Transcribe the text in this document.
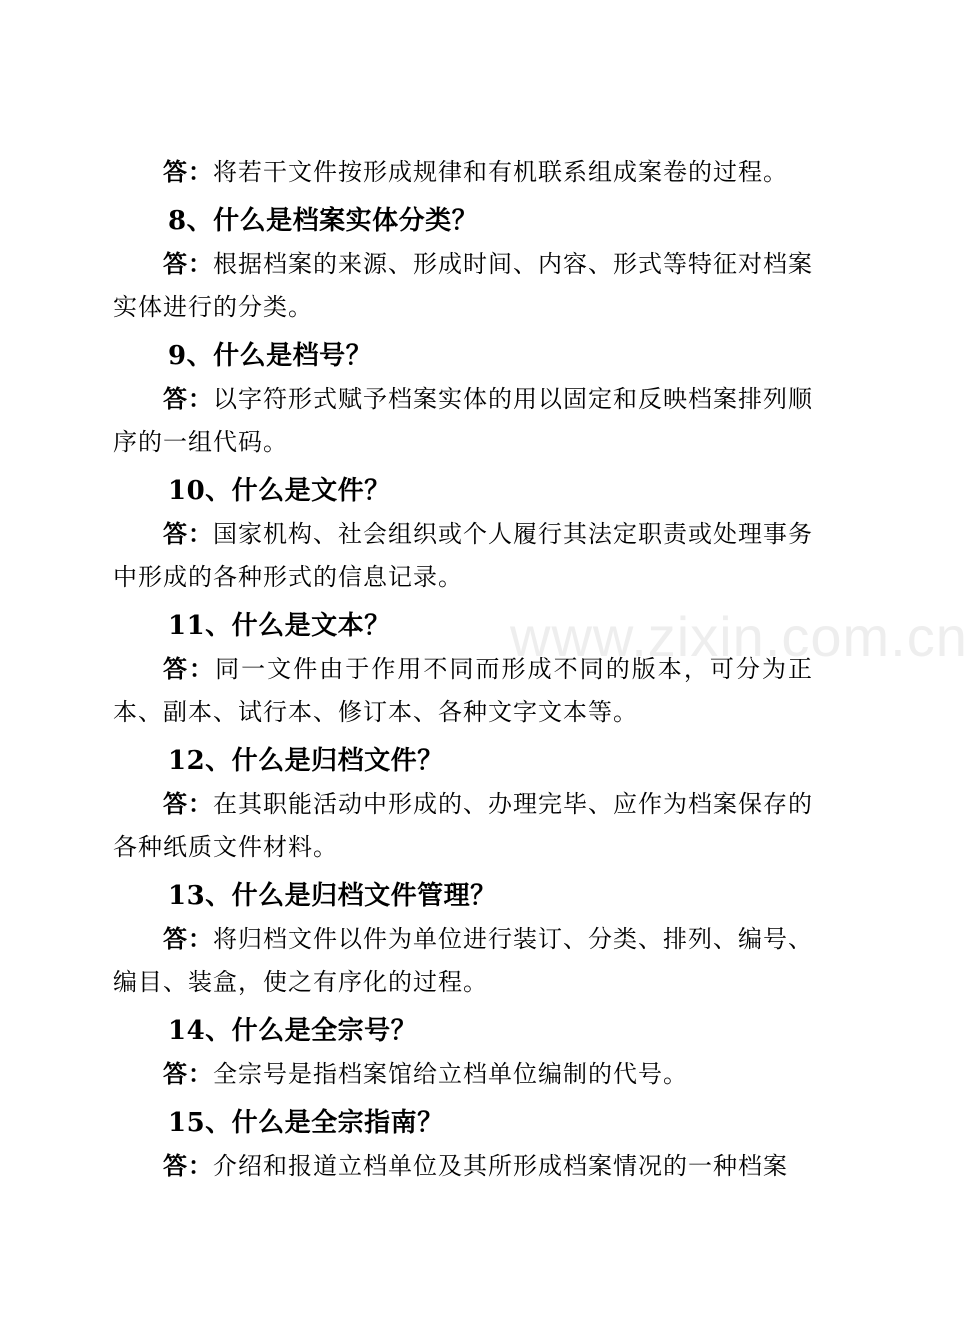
www.zixin.com.cn

答：将若干文件按形成规律和有机联系组成案卷的过程。

8、什么是档案实体分类？

答：根据档案的来源、形成时间、内容、形式等特征对档案实体进行的分类。

9、什么是档号？

答：以字符形式赋予档案实体的用以固定和反映档案排列顺序的一组代码。

10、什么是文件？

答：国家机构、社会组织或个人履行其法定职责或处理事务中形成的各种形式的信息记录。

11、什么是文本？

答：同一文件由于作用不同而形成不同的版本，可分为正本、副本、试行本、修订本、各种文字文本等。

12、什么是归档文件？

答：在其职能活动中形成的、办理完毕、应作为档案保存的各种纸质文件材料。

13、什么是归档文件管理？

答：将归档文件以件为单位进行装订、分类、排列、编号、编目、装盒，使之有序化的过程。

14、什么是全宗号？

答：全宗号是指档案馆给立档单位编制的代号。

15、什么是全宗指南？

答：介绍和报道立档单位及其所形成档案情况的一种档案
